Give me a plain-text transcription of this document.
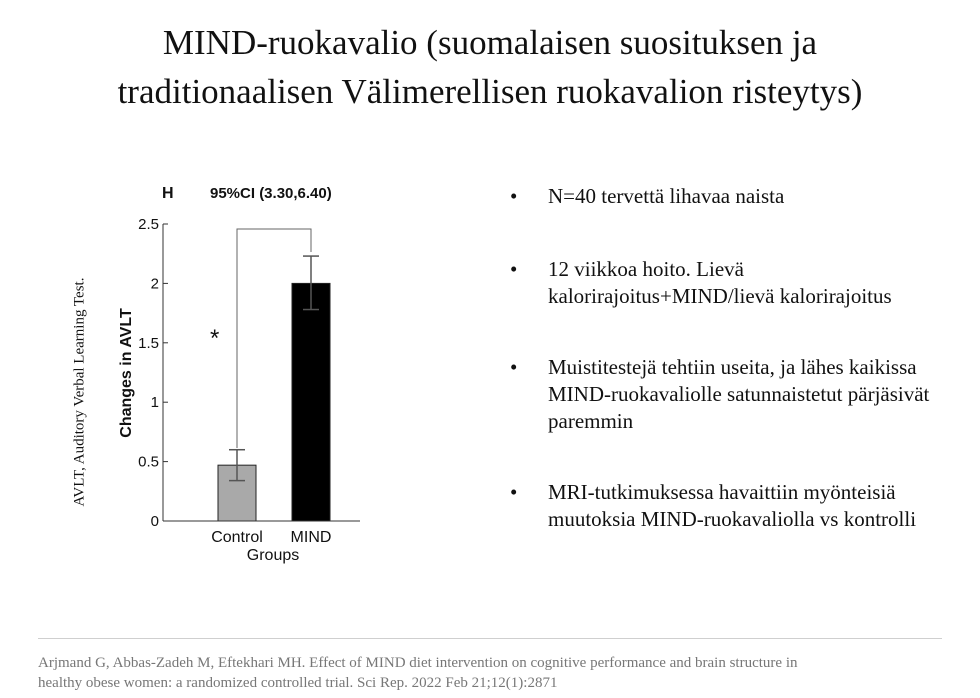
MIND-ruokavalio (suomalaisen suosituksen ja
traditionaalisen Välimerellisen ruokavalion risteytys)
AVLT, Auditory Verbal Learning Test.
H 95%CI (3.30,6.40)
*
Changes in AVLT
Groups
0
0.5
1
1.5
2
2.5
Control MIND
• N=40 tervettä lihavaa naista
• 12 viikkoa hoito. Lievä kalorirajoitus+MIND/lievä kalorirajoitus
• Muistitestejä tehtiin useita, ja lähes kaikissa MIND-ruokavaliolle satunnaistetut pärjäsivät paremmin
• MRI-tutkimuksessa havaittiin myönteisiä muutoksia MIND-ruokavaliolla vs kontrolli
Arjmand G, Abbas-Zadeh M, Eftekhari MH. Effect of MIND diet intervention on cognitive performance and brain structure in
healthy obese women: a randomized controlled trial. Sci Rep. 2022 Feb 21;12(1):2871
